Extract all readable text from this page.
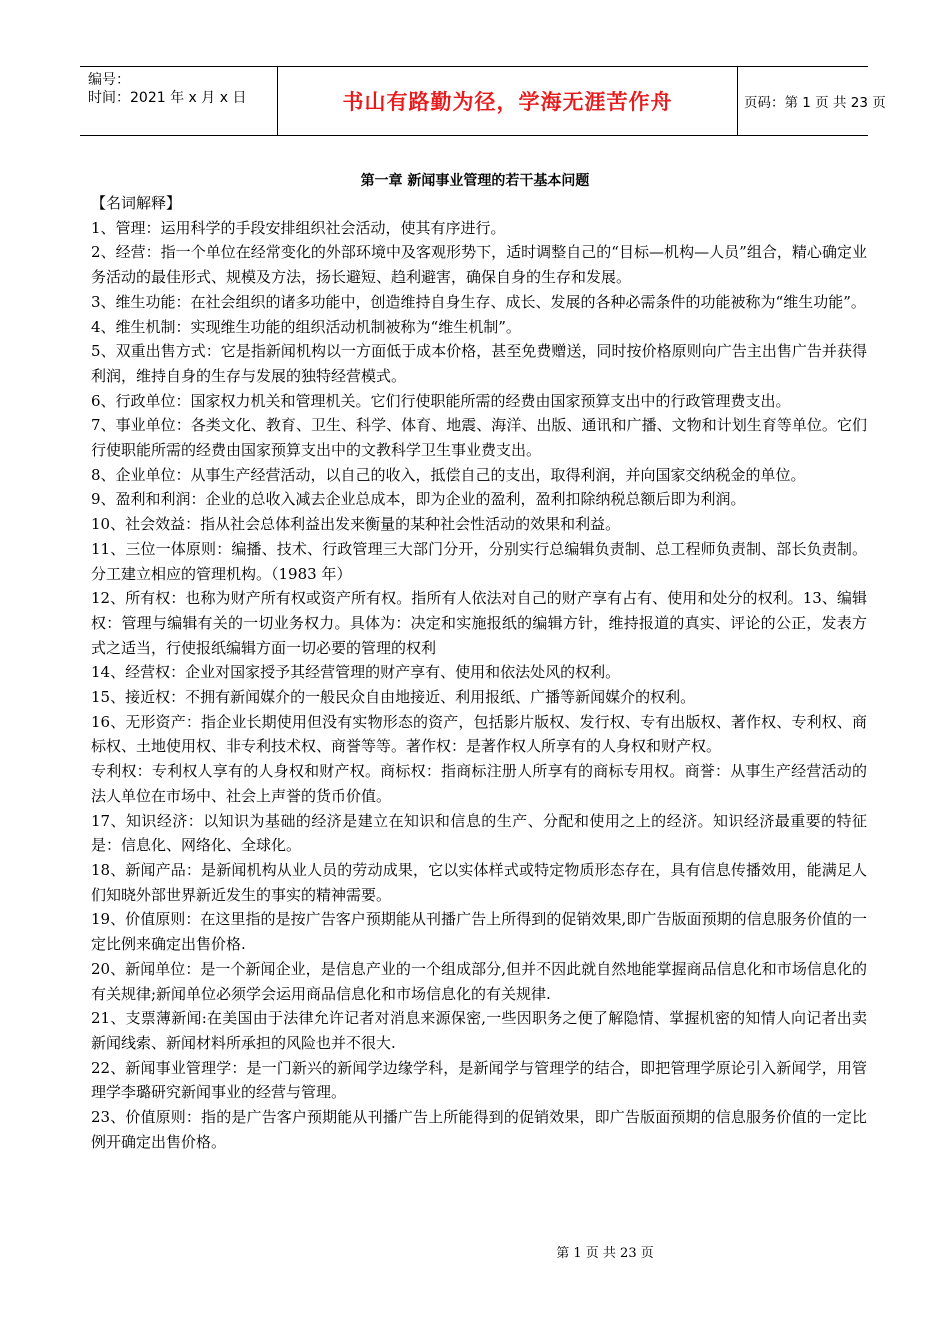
编号：
时间：2021 年 x 月 x 日	书山有路勤为径，学海无涯苦作舟	页码：第 1 页 共 23 页
第一章 新闻事业管理的若干基本问题

【名词解释】

1、管理：运用科学的手段安排组织社会活动，使其有序进行。

2、经营：指一个单位在经常变化的外部环境中及客观形势下，适时调整自己的“目标—机构—人员”组合，精心确定业务活动的最佳形式、规模及方法，扬长避短、趋利避害，确保自身的生存和发展。

3、维生功能：在社会组织的诸多功能中，创造维持自身生存、成长、发展的各种必需条件的功能被称为“维生功能”。

4、维生机制：实现维生功能的组织活动机制被称为“维生机制”。

5、双重出售方式：它是指新闻机构以一方面低于成本价格，甚至免费赠送，同时按价格原则向广告主出售广告并获得利润，维持自身的生存与发展的独特经营模式。

6、行政单位：国家权力机关和管理机关。它们行使职能所需的经费由国家预算支出中的行政管理费支出。

7、事业单位：各类文化、教育、卫生、科学、体育、地震、海洋、出版、通讯和广播、文物和计划生育等单位。它们行使职能所需的经费由国家预算支出中的文教科学卫生事业费支出。

8、企业单位：从事生产经营活动，以自己的收入，抵偿自己的支出，取得利润，并向国家交纳税金的单位。

9、盈利和利润：企业的总收入减去企业总成本，即为企业的盈利，盈利扣除纳税总额后即为利润。

10、社会效益：指从社会总体利益出发来衡量的某种社会性活动的效果和利益。

11、三位一体原则：编播、技术、行政管理三大部门分开，分别实行总编辑负责制、总工程师负责制、部长负责制。分工建立相应的管理机构。（1983 年）

12、所有权：也称为财产所有权或资产所有权。指所有人依法对自己的财产享有占有、使用和处分的权利。13、编辑权：管理与编辑有关的一切业务权力。具体为：决定和实施报纸的编辑方针，维持报道的真实、评论的公正，发表方式之适当，行使报纸编辑方面一切必要的管理的权利

14、经营权：企业对国家授予其经营管理的财产享有、使用和依法处风的权利。

15、接近权：不拥有新闻媒介的一般民众自由地接近、利用报纸、广播等新闻媒介的权利。

16、无形资产：指企业长期使用但没有实物形态的资产，包括影片版权、发行权、专有出版权、著作权、专利权、商标权、土地使用权、非专利技术权、商誉等等。著作权：是著作权人所享有的人身权和财产权。

专利权：专利权人享有的人身权和财产权。商标权：指商标注册人所享有的商标专用权。商誉：从事生产经营活动的法人单位在市场中、社会上声誉的货币价值。

17、知识经济：以知识为基础的经济是建立在知识和信息的生产、分配和使用之上的经济。知识经济最重要的特征是：信息化、网络化、全球化。

18、新闻产品：是新闻机构从业人员的劳动成果，它以实体样式或特定物质形态存在，具有信息传播效用，能满足人们知晓外部世界新近发生的事实的精神需要。

19、价值原则：在这里指的是按广告客户预期能从刊播广告上所得到的促销效果,即广告版面预期的信息服务价值的一定比例来确定出售价格.

20、新闻单位：是一个新闻企业，是信息产业的一个组成部分,但并不因此就自然地能掌握商品信息化和市场信息化的有关规律;新闻单位必须学会运用商品信息化和市场信息化的有关规律.

21、支票薄新闻:在美国由于法律允许记者对消息来源保密,一些因职务之便了解隐情、掌握机密的知情人向记者出卖新闻线索、新闻材料所承担的风险也并不很大.

22、新闻事业管理学：是一门新兴的新闻学边缘学科，是新闻学与管理学的结合，即把管理学原论引入新闻学，用管理学李璐研究新闻事业的经营与管理。

23、价值原则：指的是广告客户预期能从刊播广告上所能得到的促销效果，即广告版面预期的信息服务价值的一定比例开确定出售价格。

第 1 页 共 23 页
